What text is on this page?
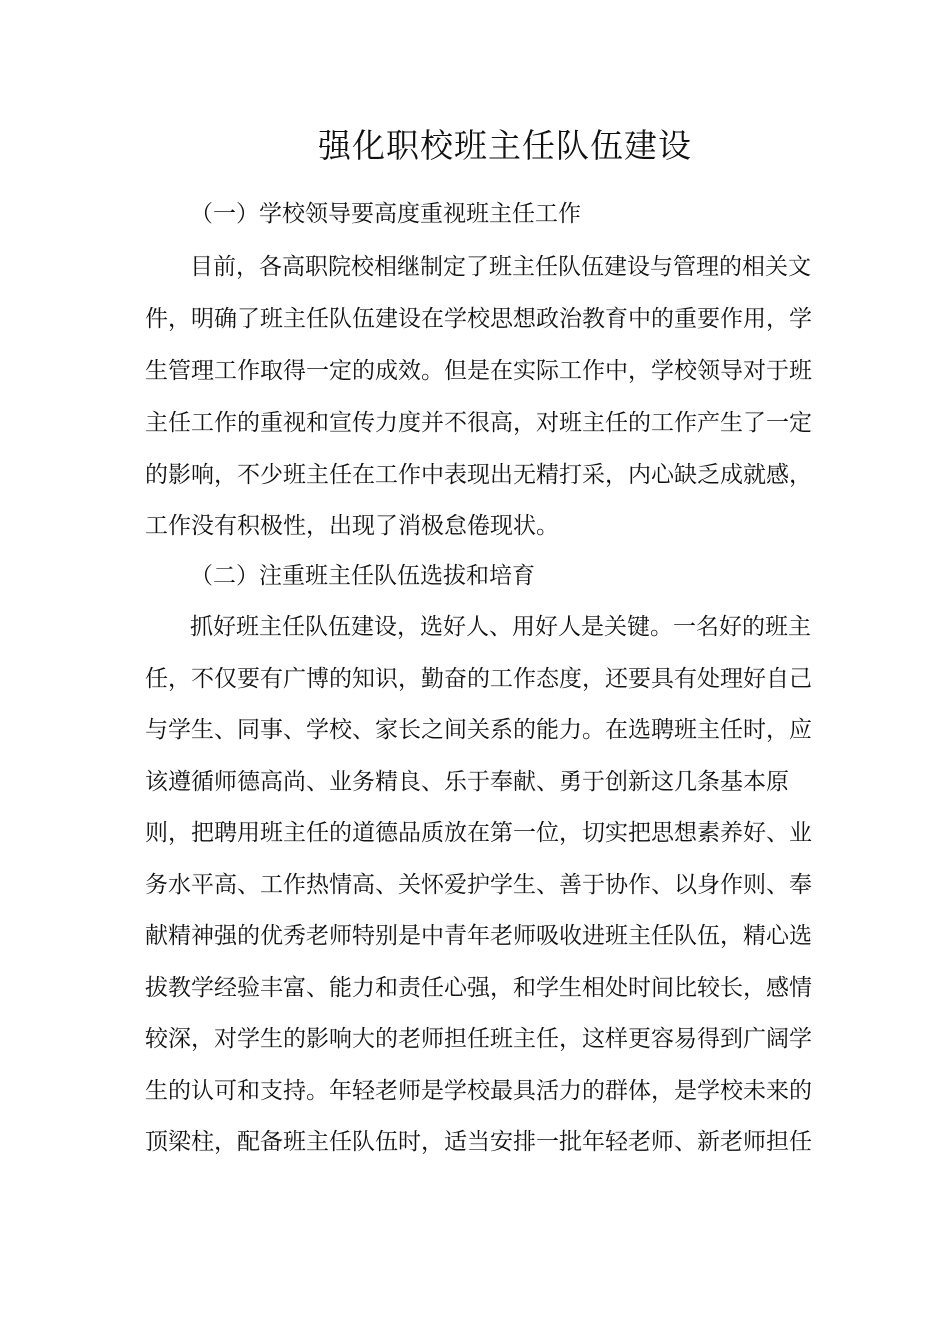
强化职校班主任队伍建设

（一）学校领导要高度重视班主任工作

目前，各高职院校相继制定了班主任队伍建设与管理的相关文

件，明确了班主任队伍建设在学校思想政治教育中的重要作用，学

生管理工作取得一定的成效。但是在实际工作中，学校领导对于班

主任工作的重视和宣传力度并不很高，对班主任的工作产生了一定

的影响，不少班主任在工作中表现出无精打采，内心缺乏成就感，

工作没有积极性，出现了消极怠倦现状。

（二）注重班主任队伍选拔和培育

抓好班主任队伍建设，选好人、用好人是关键。一名好的班主

任，不仅要有广博的知识，勤奋的工作态度，还要具有处理好自己

与学生、同事、学校、家长之间关系的能力。在选聘班主任时，应

该遵循师德高尚、业务精良、乐于奉献、勇于创新这几条基本原

则，把聘用班主任的道德品质放在第一位，切实把思想素养好、业

务水平高、工作热情高、关怀爱护学生、善于协作、以身作则、奉

献精神强的优秀老师特别是中青年老师吸收进班主任队伍，精心选

拔教学经验丰富、能力和责任心强，和学生相处时间比较长，感情

较深，对学生的影响大的老师担任班主任，这样更容易得到广阔学

生的认可和支持。年轻老师是学校最具活力的群体，是学校未来的

顶梁柱，配备班主任队伍时，适当安排一批年轻老师、新老师担任
